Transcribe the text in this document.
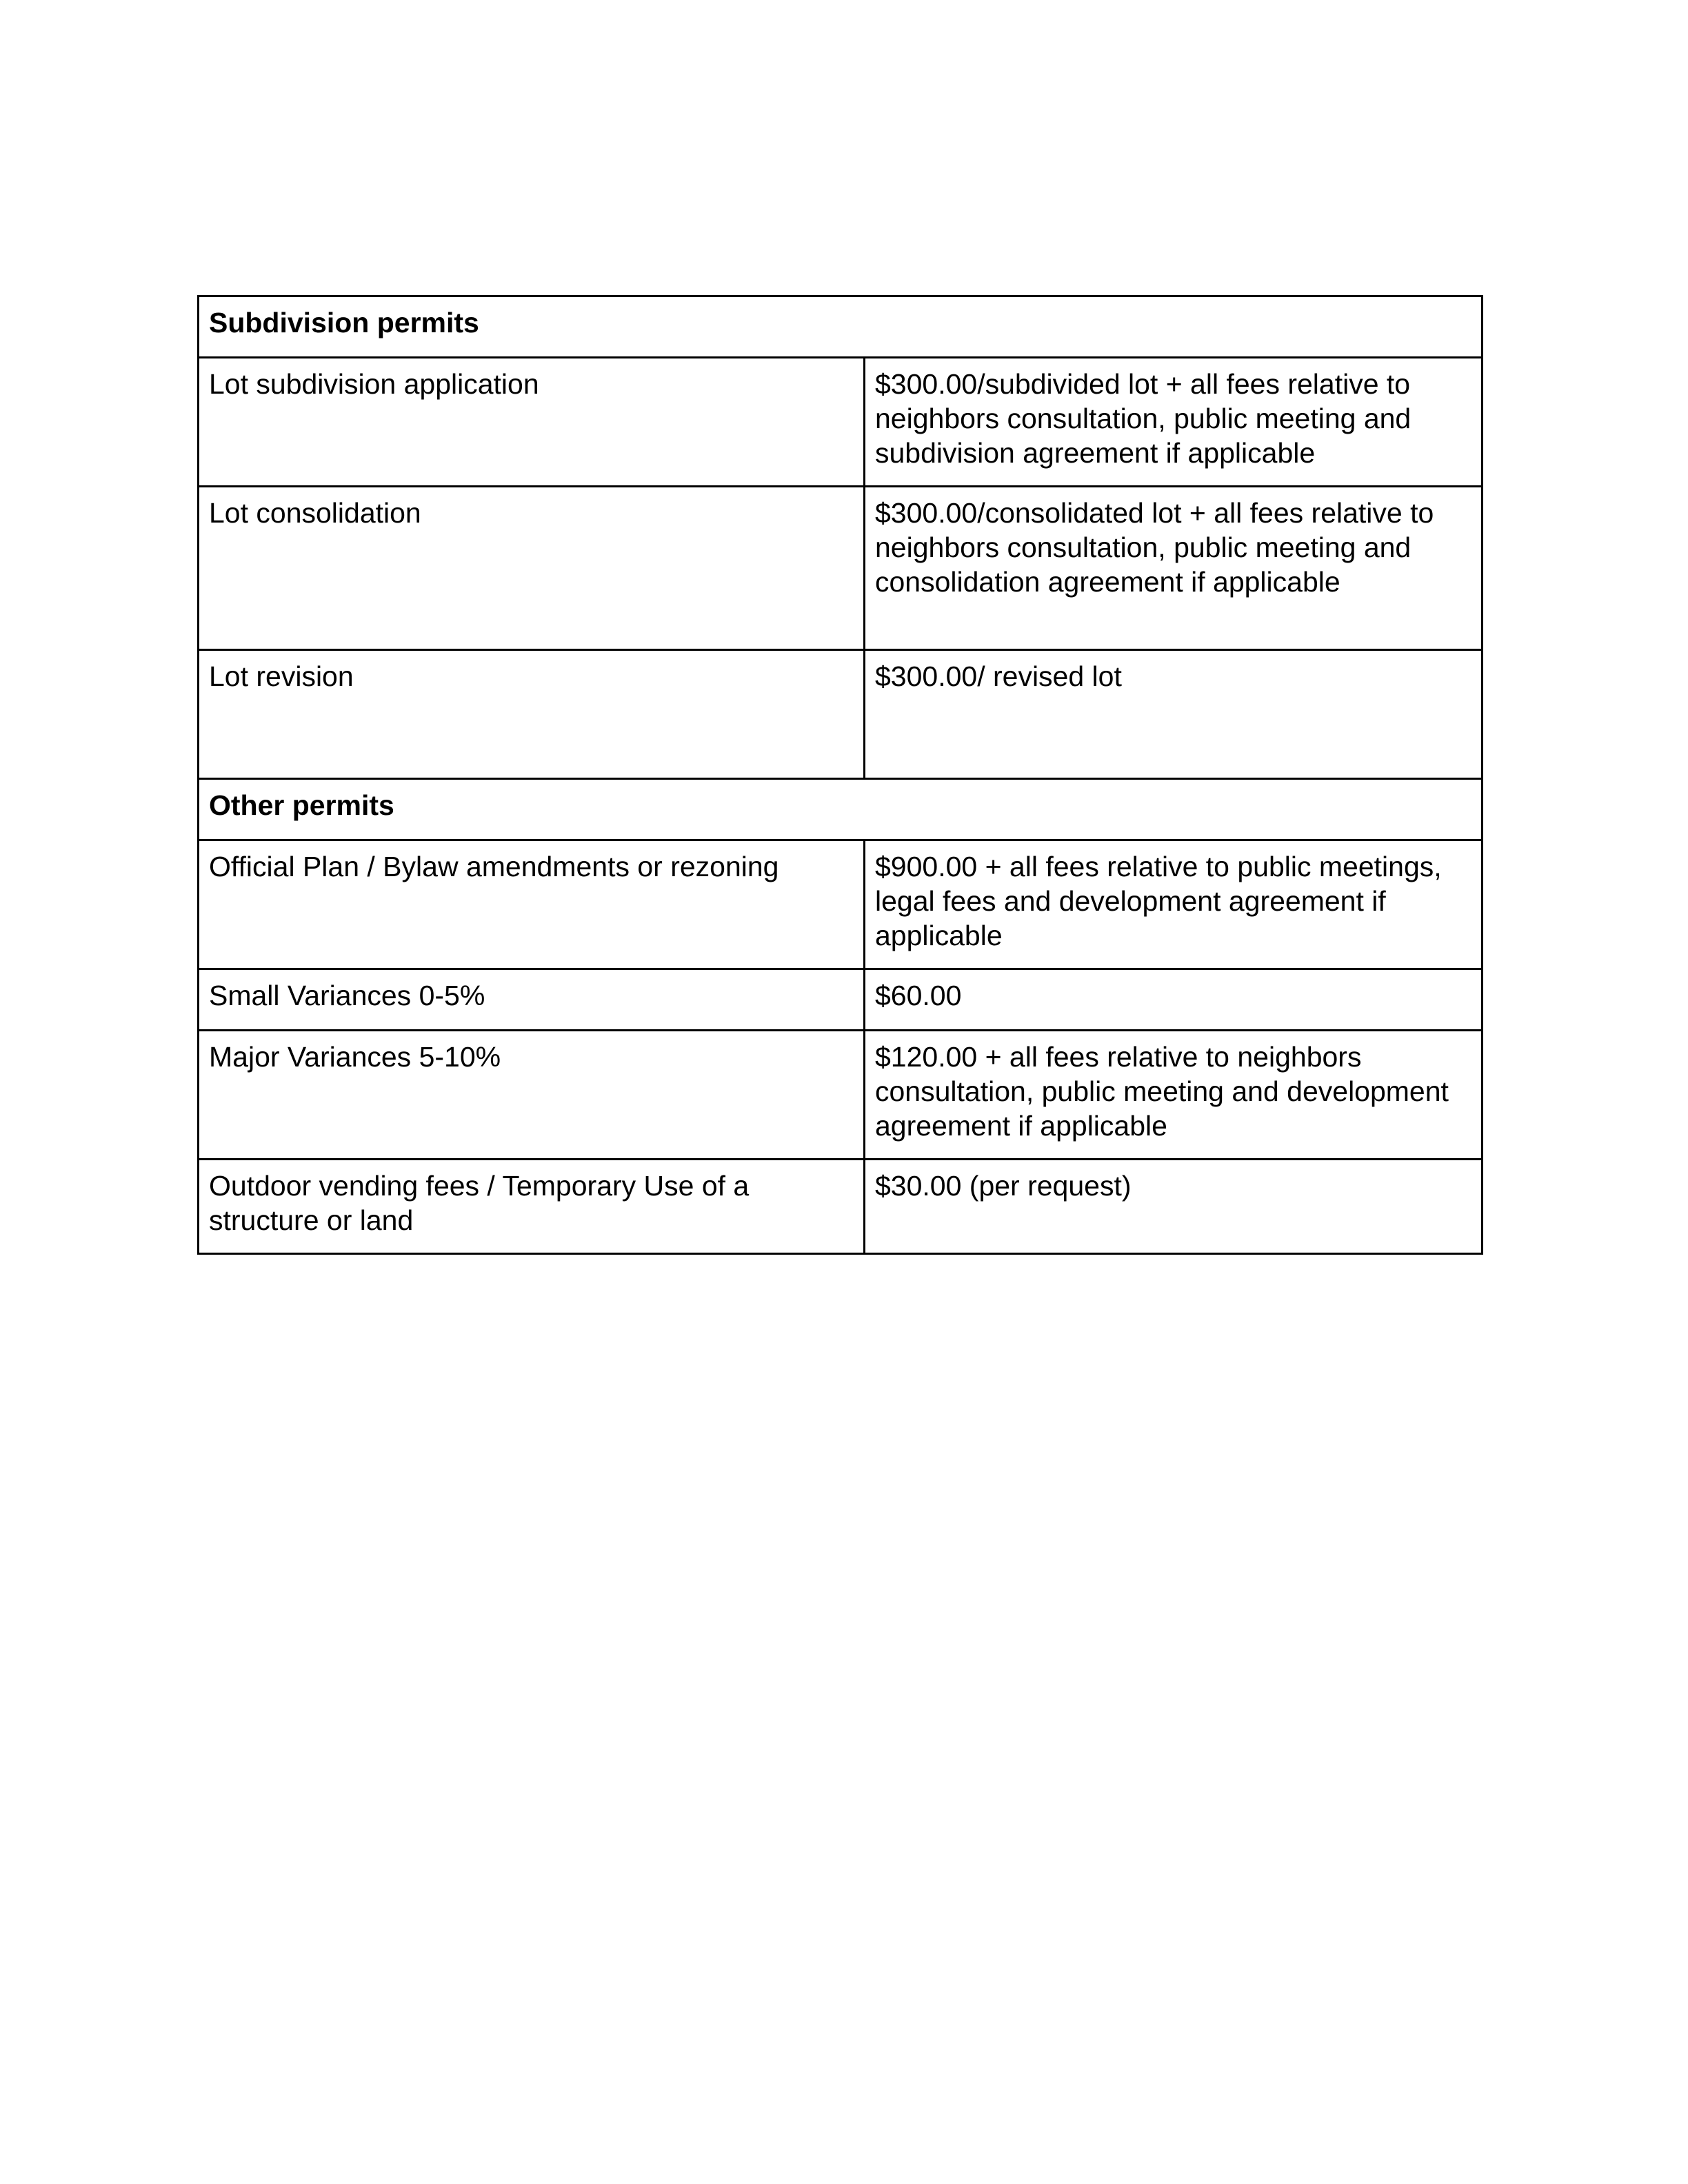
Subdivision permits	
Lot subdivision application	$300.00/subdivided lot + all fees relative to neighbors consultation, public meeting and subdivision agreement if applicable
Lot consolidation	$300.00/consolidated lot + all fees relative to neighbors consultation, public meeting and consolidation agreement if applicable
Lot revision	$300.00/ revised lot
Other permits	
Official Plan / Bylaw amendments or rezoning	$900.00 + all fees relative to public meetings, legal fees and development agreement if applicable
Small Variances 0-5%	$60.00
Major Variances 5-10%	$120.00 + all fees relative to neighbors consultation, public meeting and development agreement if applicable
Outdoor vending fees / Temporary Use of a structure or land	$30.00 (per request)
